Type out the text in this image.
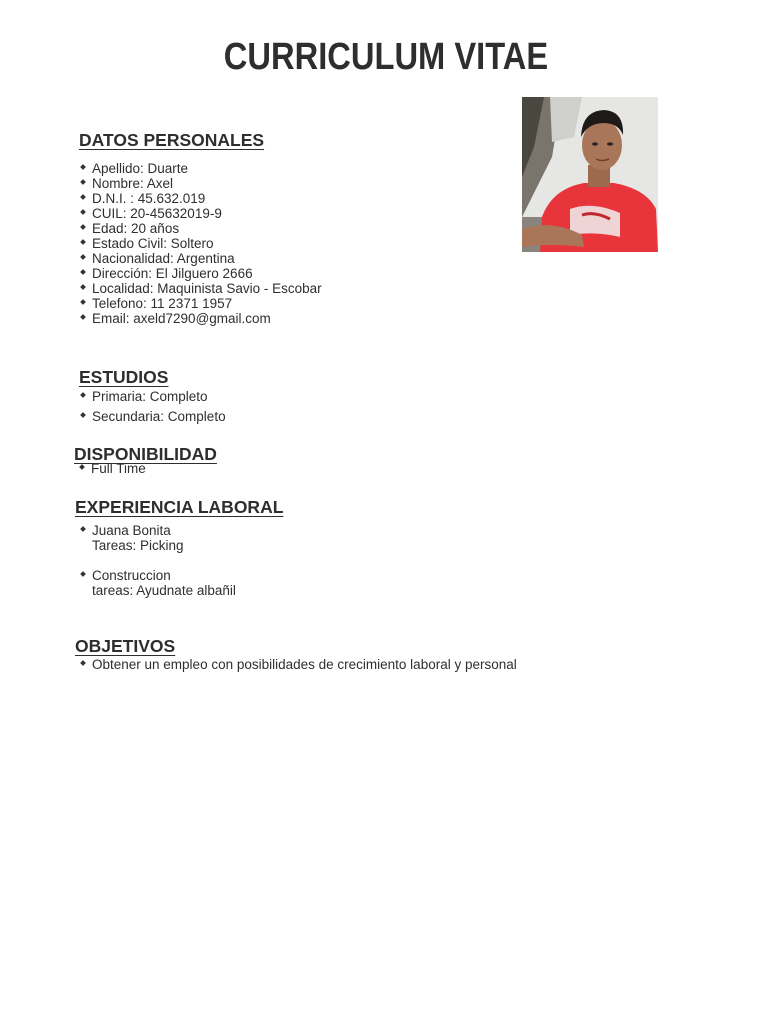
CURRICULUM VITAE
DATOS PERSONALES
Apellido: Duarte
Nombre: Axel
D.N.I. : 45.632.019
CUIL: 20-45632019-9
Edad: 20 años
Estado Civil: Soltero
Nacionalidad: Argentina
Dirección: El Jilguero 2666
Localidad: Maquinista Savio - Escobar
Telefono: 11 2371 1957
Email: axeld7290@gmail.com
ESTUDIOS
Primaria: Completo
Secundaria: Completo
DISPONIBILIDAD
Full Time
EXPERIENCIA LABORAL
Juana Bonita
Tareas: Picking
Construccion
tareas: Ayudnate albañil
OBJETIVOS
Obtener un empleo con posibilidades de crecimiento laboral y personal
